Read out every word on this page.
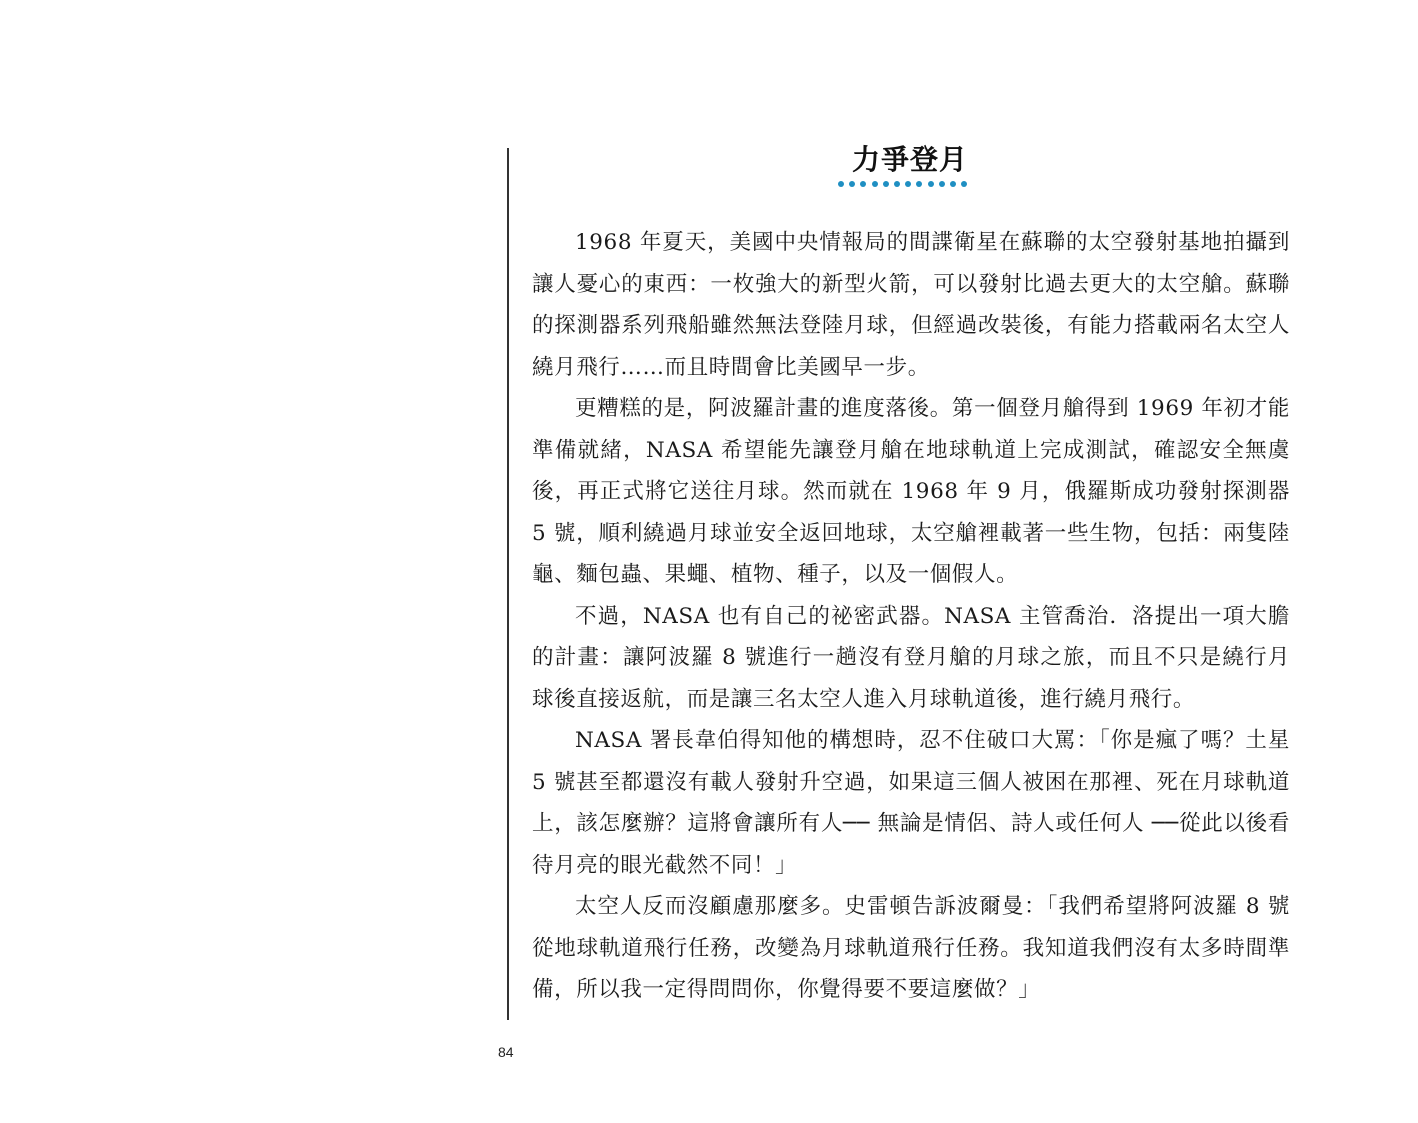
力爭登月

1968 年夏天，美國中央情報局的間諜衛星在蘇聯的太空發射基地拍攝到讓人憂心的東西：一枚強大的新型火箭，可以發射比過去更大的太空艙。蘇聯的探測器系列飛船雖然無法登陸月球，但經過改裝後，有能力搭載兩名太空人繞月飛行……而且時間會比美國早一步。

更糟糕的是，阿波羅計畫的進度落後。第一個登月艙得到 1969 年初才能準備就緒，NASA 希望能先讓登月艙在地球軌道上完成測試，確認安全無虞後，再正式將它送往月球。然而就在 1968 年 9 月，俄羅斯成功發射探測器 5 號，順利繞過月球並安全返回地球，太空艙裡載著一些生物，包括：兩隻陸龜、麵包蟲、果蠅、植物、種子，以及一個假人。

不過，NASA 也有自己的祕密武器。NASA 主管喬治．洛提出一項大膽的計畫：讓阿波羅 8 號進行一趟沒有登月艙的月球之旅，而且不只是繞行月球後直接返航，而是讓三名太空人進入月球軌道後，進行繞月飛行。

NASA 署長韋伯得知他的構想時，忍不住破口大罵：「你是瘋了嗎？土星 5 號甚至都還沒有載人發射升空過，如果這三個人被困在那裡、死在月球軌道上，該怎麼辦？這將會讓所有人── 無論是情侶、詩人或任何人 ──從此以後看待月亮的眼光截然不同！」

太空人反而沒顧慮那麼多。史雷頓告訴波爾曼：「我們希望將阿波羅 8 號從地球軌道飛行任務，改變為月球軌道飛行任務。我知道我們沒有太多時間準備，所以我一定得問問你，你覺得要不要這麼做？」

84
